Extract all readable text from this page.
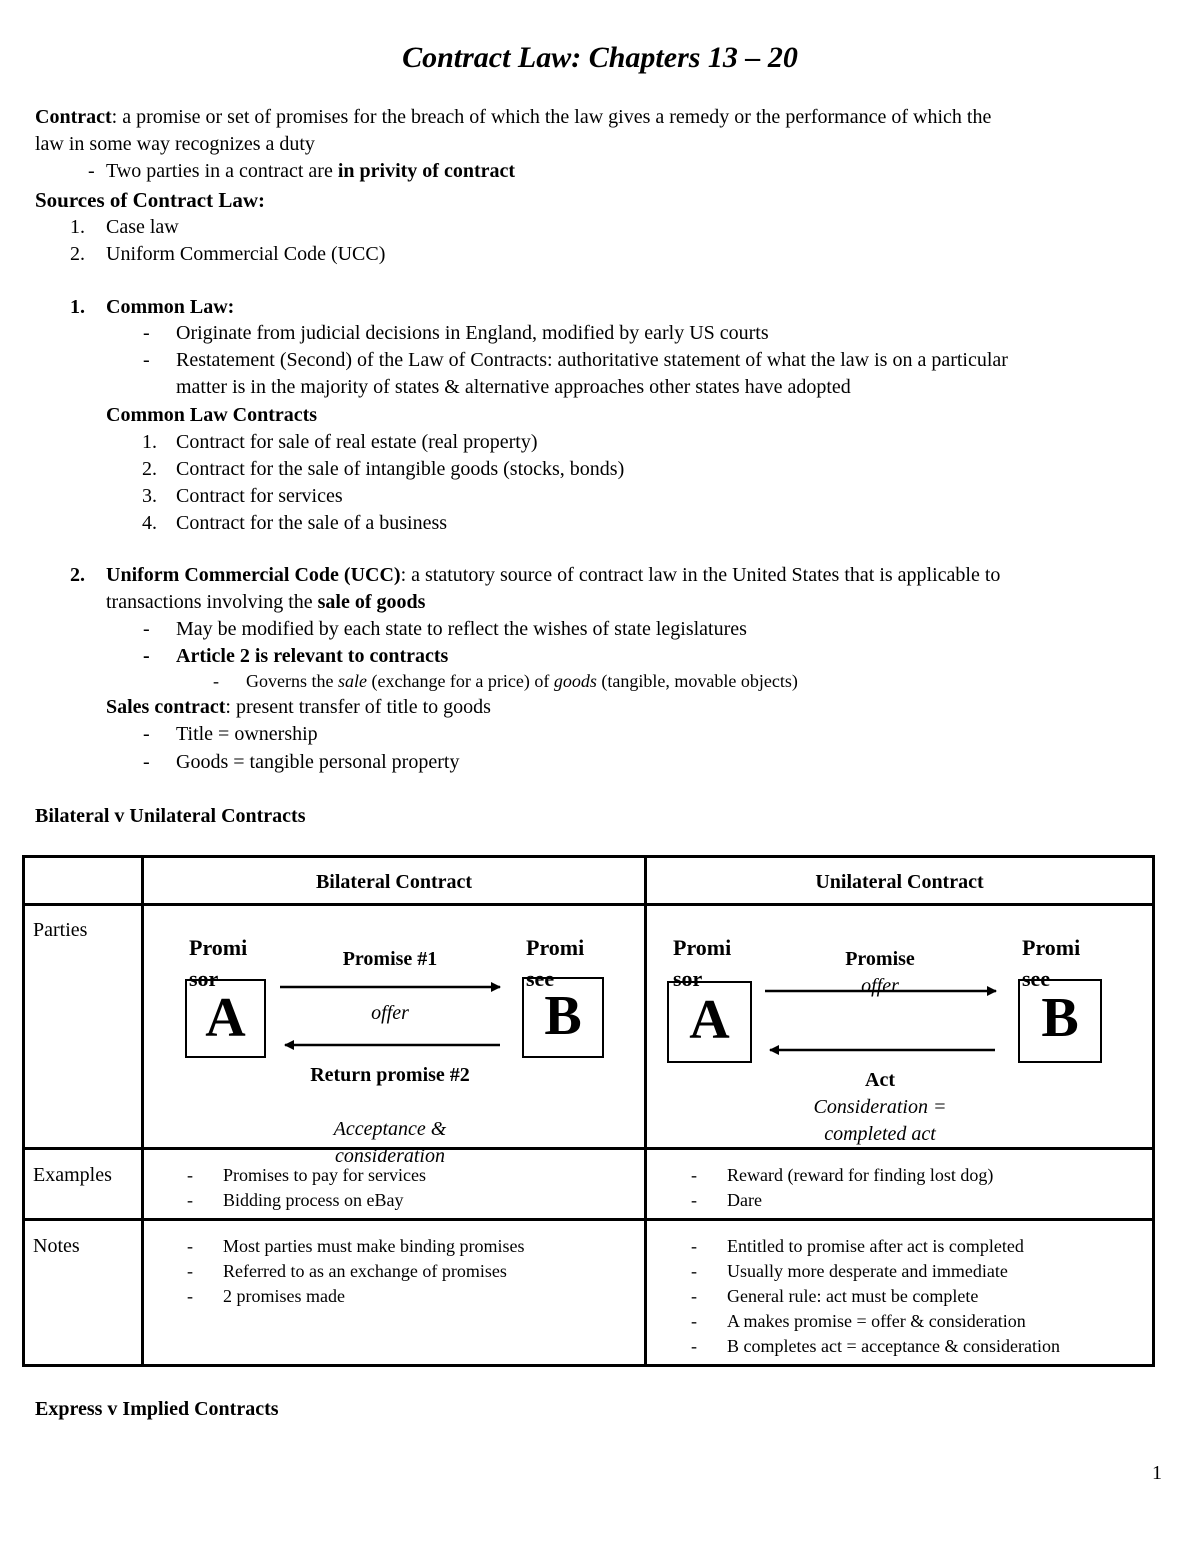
Contract Law: Chapters 13 – 20
Contract: a promise or set of promises for the breach of which the law gives a remedy or the performance of which the
law in some way recognizes a duty
- Two parties in a contract are in privity of contract
Sources of Contract Law:
1. Case law
2. Uniform Commercial Code (UCC)
1. Common Law:
- Originate from judicial decisions in England, modified by early US courts
- Restatement (Second) of the Law of Contracts: authoritative statement of what the law is on a particular
matter is in the majority of states & alternative approaches other states have adopted
Common Law Contracts
1. Contract for sale of real estate (real property)
2. Contract for the sale of intangible goods (stocks, bonds)
3. Contract for services
4. Contract for the sale of a business
2. Uniform Commercial Code (UCC): a statutory source of contract law in the United States that is applicable to
transactions involving the sale of goods
- May be modified by each state to reflect the wishes of state legislatures
- Article 2 is relevant to contracts
- Governs the sale (exchange for a price) of goods (tangible, movable objects)
Sales contract: present transfer of title to goods
- Title = ownership
- Goods = tangible personal property
Bilateral v Unilateral Contracts
Bilateral Contract	Unilateral Contract
Parties
Examples
Notes
A
Promi sor
B
Promi see
Promise #1
offer
Return promise #2
Acceptance & consideration
A
Promi sor
B
Promi see
Promise
offer
Act
Consideration = completed act
- Promises to pay for services
- Bidding process on eBay
- Reward (reward for finding lost dog)
- Dare
- Most parties must make binding promises
- Referred to as an exchange of promises
- 2 promises made
- Entitled to promise after act is completed
- Usually more desperate and immediate
- General rule: act must be complete
- A makes promise = offer & consideration
- B completes act = acceptance & consideration
Express v Implied Contracts
1
